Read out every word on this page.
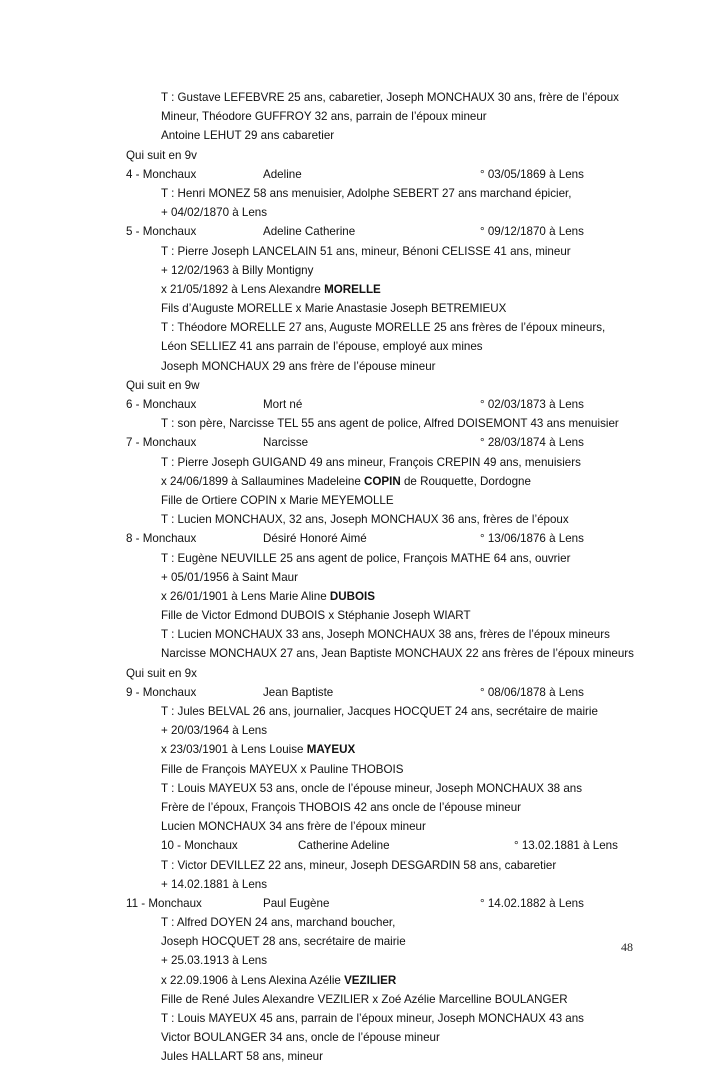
T : Gustave LEFEBVRE 25 ans, cabaretier, Joseph MONCHAUX 30 ans, frère de l’époux
Mineur, Théodore GUFFROY 32 ans, parrain de l’époux mineur
Antoine LEHUT 29 ans cabaretier
Qui suit en 9v
4 - Monchaux	Adeline	° 03/05/1869 à Lens
T : Henri MONEZ 58 ans menuisier, Adolphe SEBERT 27 ans marchand épicier,
+ 04/02/1870 à Lens
5 - Monchaux	Adeline Catherine	° 09/12/1870 à Lens
T : Pierre Joseph LANCELAIN 51 ans, mineur, Bénoni CELISSE 41 ans, mineur
+ 12/02/1963 à Billy Montigny
x 21/05/1892 à Lens Alexandre MORELLE
Fils d’Auguste MORELLE x Marie Anastasie Joseph BETREMIEUX
T : Théodore MORELLE 27 ans, Auguste MORELLE 25 ans frères de l’époux mineurs,
Léon SELLIEZ 41 ans parrain de l’épouse, employé aux mines
Joseph MONCHAUX 29 ans frère de l’épouse mineur
Qui suit en 9w
6 - Monchaux	Mort né	° 02/03/1873 à Lens
T : son père, Narcisse TEL 55 ans agent de police, Alfred DOISEMONT 43 ans menuisier
7 - Monchaux	Narcisse	° 28/03/1874 à Lens
T : Pierre Joseph GUIGAND 49 ans mineur, François CREPIN 49 ans, menuisiers
x 24/06/1899 à Sallaumines Madeleine COPIN de Rouquette, Dordogne
Fille de Ortiere COPIN x Marie MEYEMOLLE
T : Lucien MONCHAUX, 32 ans, Joseph MONCHAUX 36 ans, frères de l’époux
8 - Monchaux	Désiré Honoré Aimé	° 13/06/1876 à Lens
T : Eugène NEUVILLE 25 ans agent de police, François MATHE 64 ans, ouvrier
+ 05/01/1956 à Saint Maur
x 26/01/1901 à Lens Marie Aline DUBOIS
Fille de Victor Edmond DUBOIS x Stéphanie Joseph WIART
T : Lucien MONCHAUX 33 ans, Joseph MONCHAUX 38 ans, frères de l’époux mineurs
Narcisse MONCHAUX 27 ans, Jean Baptiste MONCHAUX 22 ans frères de l’époux mineurs
Qui suit en 9x
9 - Monchaux	Jean Baptiste	° 08/06/1878 à Lens
T : Jules BELVAL 26 ans, journalier, Jacques HOCQUET 24 ans, secrétaire de mairie
+ 20/03/1964 à Lens
x 23/03/1901 à Lens Louise MAYEUX
Fille de François MAYEUX x Pauline THOBOIS
T : Louis MAYEUX 53 ans, oncle de l’épouse mineur, Joseph MONCHAUX 38 ans
Frère de l’époux, François THOBOIS 42 ans oncle de l’épouse mineur
Lucien MONCHAUX 34 ans frère de l’époux mineur
10 - Monchaux	Catherine Adeline	° 13.02.1881 à Lens
T : Victor DEVILLEZ 22 ans, mineur, Joseph DESGARDIN 58 ans, cabaretier
+ 14.02.1881 à Lens
11 - Monchaux	Paul Eugène	° 14.02.1882 à Lens
T : Alfred DOYEN 24 ans, marchand boucher,
Joseph HOCQUET 28 ans, secrétaire de mairie
+ 25.03.1913 à Lens
x 22.09.1906 à Lens Alexina Azélie VEZILIER
Fille de René Jules Alexandre VEZILIER x Zoé Azélie Marcelline BOULANGER
T : Louis MAYEUX 45 ans, parrain de l’époux mineur, Joseph MONCHAUX 43 ans
Victor BOULANGER 34 ans, oncle de l’épouse mineur
Jules HALLART 58 ans, mineur
48
